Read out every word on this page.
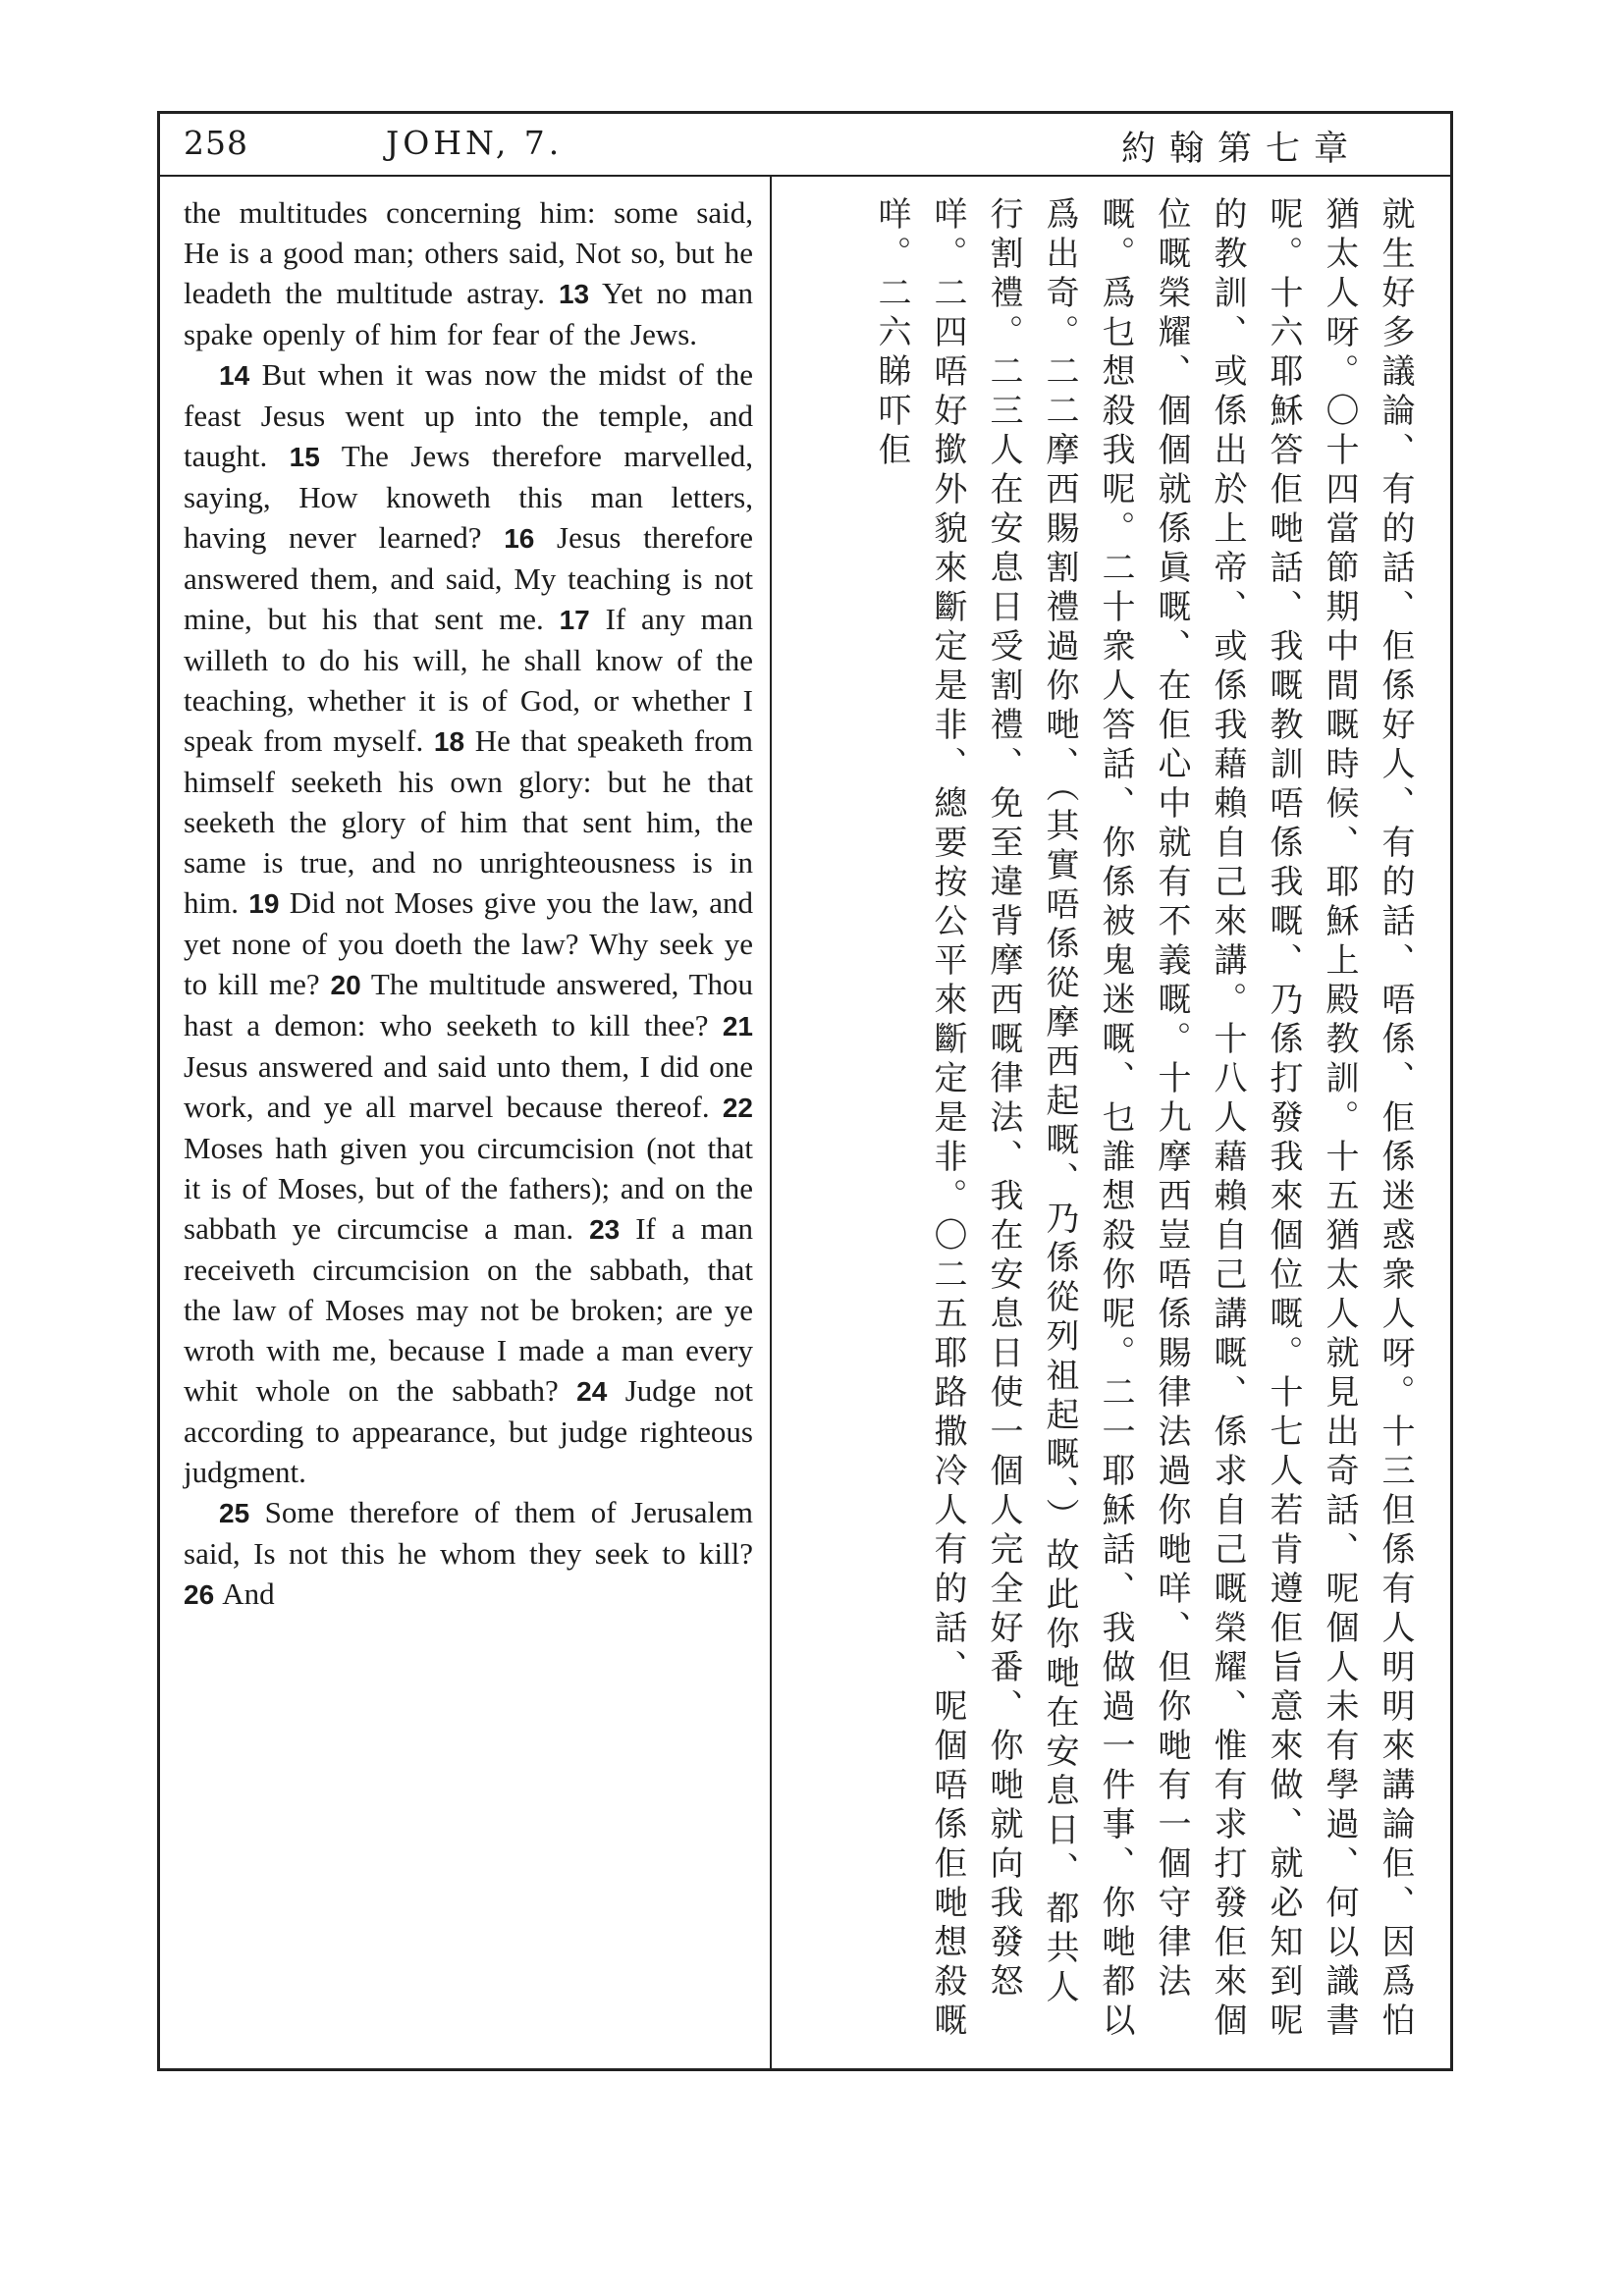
258	JOHN, 7.	約翰第七章

the multitudes concerning him: some said, He is a good man; others said, Not so, but he leadeth the multitude astray. 13 Yet no man spake openly of him for fear of the Jews.

14 But when it was now the midst of the feast Jesus went up into the temple, and taught. 15 The Jews therefore marvelled, saying, How knoweth this man letters, having never learned? 16 Jesus therefore answered them, and said, My teaching is not mine, but his that sent me. 17 If any man willeth to do his will, he shall know of the teaching, whether it is of God, or whether I speak from myself. 18 He that speaketh from himself seeketh his own glory: but he that seeketh the glory of him that sent him, the same is true, and no unrighteousness is in him. 19 Did not Moses give you the law, and yet none of you doeth the law? Why seek ye to kill me? 20 The multitude answered, Thou hast a demon: who seeketh to kill thee? 21 Jesus answered and said unto them, I did one work, and ye all marvel because thereof. 22 Moses hath given you circumcision (not that it is of Moses, but of the fathers); and on the sabbath ye circumcise a man. 23 If a man receiveth circumcision on the sabbath, that the law of Moses may not be broken; are ye wroth with me, because I made a man every whit whole on the sabbath? 24 Judge not according to appearance, but judge righteous judgment.

25 Some therefore of them of Jerusalem said, Is not this he whom they seek to kill? 26 And	就生好多議論、有的話、佢係好人、有的話、唔係、佢係迷惑衆人呀。十三但係有人明明來講論佢、因爲怕猶太人呀。〇十四當節期中間嘅時候、耶穌上殿教訓。十五猶太人就見出奇話、呢個人未有學過、何以識書呢。十六耶穌答佢哋話、我嘅教訓唔係我嘅、乃係打發我來個位嘅。十七人若肯遵佢旨意來做、就必知到呢的教訓、或係出於上帝、或係我藉賴自己來講。十八人藉賴自己講嘅、係求自己嘅榮耀、惟有求打發佢來個位嘅榮耀、個個就係眞嘅、在佢心中就有不義嘅。十九摩西豈唔係賜律法過你哋咩、但你哋有一個守律法嘅。爲乜想殺我呢。二十衆人答話、你係被鬼迷嘅、乜誰想殺你呢。二一耶穌話、我做過一件事、你哋都以爲出奇。二二摩西賜割禮過你哋、（其實唔係從摩西起嘅、乃係從列祖起嘅、）故此你哋在安息日、都共人行割禮。二三人在安息日受割禮、免至違背摩西嘅律法、我在安息日使一個人完全好番、你哋就向我發怒咩。二四唔好撳外貌來斷定是非、總要按公平來斷定是非。〇二五耶路撒冷人有的話、呢個唔係佢哋想殺嘅咩。二六睇吓佢
